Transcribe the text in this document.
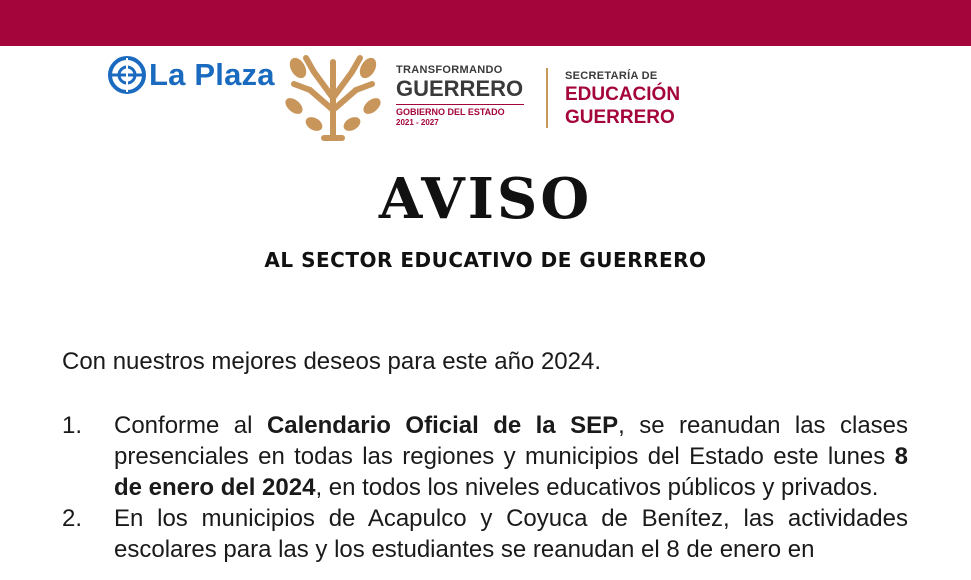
La Plaza	TRANSFORMANDO
GUERRERO
GOBIERNO DEL ESTADO
2021 - 2027
SECRETARÍA DE
EDUCACIÓN
GUERRERO
AVISO
AL SECTOR EDUCATIVO DE GUERRERO
Con nuestros mejores deseos para este año 2024.
1. Conforme al Calendario Oficial de la SEP, se reanudan las clases presenciales en todas las regiones y municipios del Estado este lunes 8 de enero del 2024, en todos los niveles educativos públicos y privados.
2. En los municipios de Acapulco y Coyuca de Benítez, las actividades escolares para las y los estudiantes se reanudan el 8 de enero en
